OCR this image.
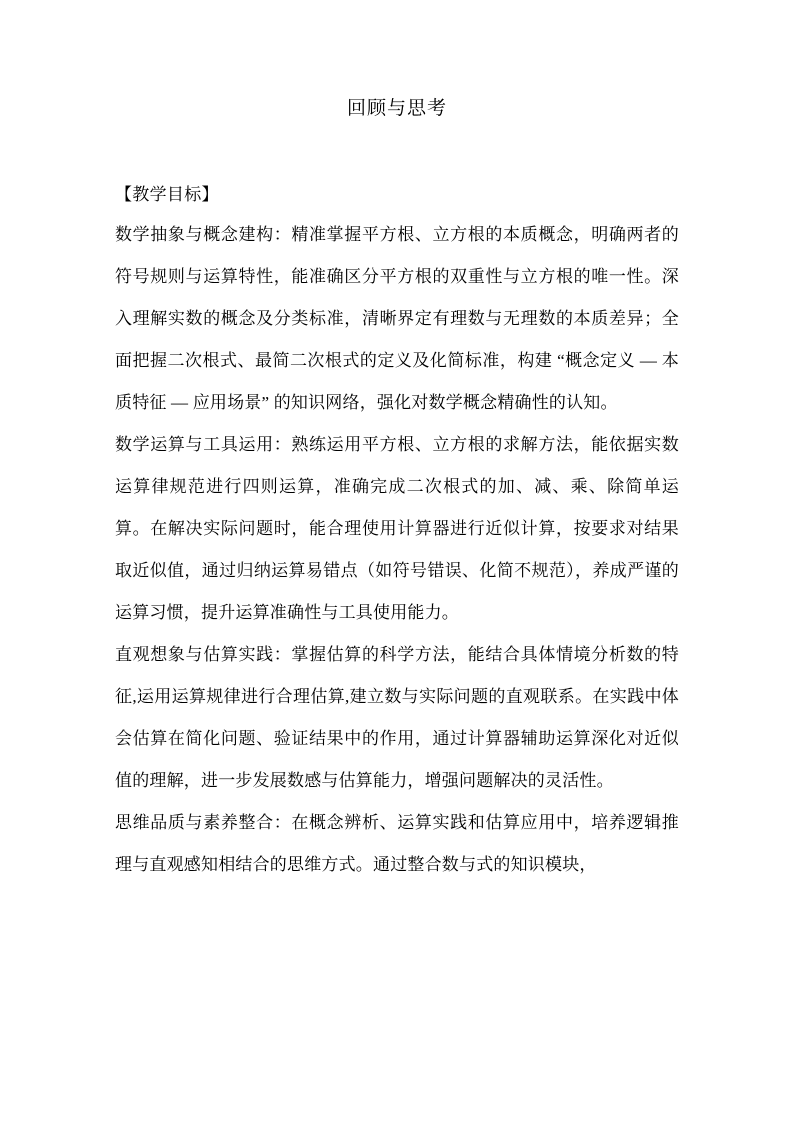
回顾与思考
【教学目标】

数学抽象与概念建构：精准掌握平方根、立方根的本质概念，明确两者的符号规则与运算特性，能准确区分平方根的双重性与立方根的唯一性。深入理解实数的概念及分类标准，清晰界定有理数与无理数的本质差异；全面把握二次根式、最简二次根式的定义及化简标准，构建 “概念定义 — 本质特征 — 应用场景” 的知识网络，强化对数学概念精确性的认知。

数学运算与工具运用：熟练运用平方根、立方根的求解方法，能依据实数运算律规范进行四则运算，准确完成二次根式的加、减、乘、除简单运算。在解决实际问题时，能合理使用计算器进行近似计算，按要求对结果取近似值，通过归纳运算易错点（如符号错误、化简不规范），养成严谨的运算习惯，提升运算准确性与工具使用能力。

直观想象与估算实践：掌握估算的科学方法，能结合具体情境分析数的特征,运用运算规律进行合理估算,建立数与实际问题的直观联系。在实践中体会估算在简化问题、验证结果中的作用，通过计算器辅助运算深化对近似值的理解，进一步发展数感与估算能力，增强问题解决的灵活性。

思维品质与素养整合：在概念辨析、运算实践和估算应用中，培养逻辑推理与直观感知相结合的思维方式。通过整合数与式的知识模块，
